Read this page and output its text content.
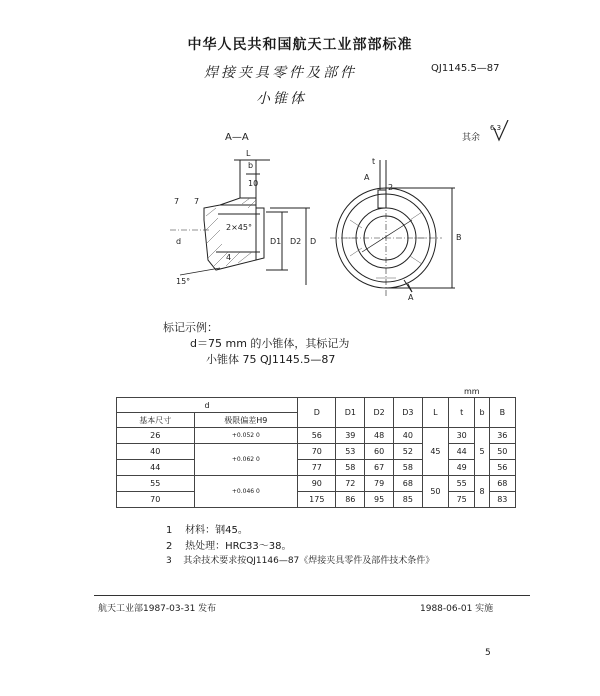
中华人民共和国航天工业部部标准
焊接夹具零件及部件	QJ1145.5—87
小锥体
A—A	其余
6.3
L
b
10
7 7
2×45°
d	D1 D2 D
15°
4
t
2
A
A
B
标记示例：
d＝75 mm 的小锥体，其标记为
小锥体 75 QJ1145.5—87
mm
d		D	D1	D2	D3	L	t	b	B
基本尺寸	极限偏差H9								
26	+0.052 0	56	39	48	40	45	30	5	36
40	+0.062 0	70	53	60	52		44		50
44		77	58	67	58		49		56
55	+0.046 0	90	72	79	68	50	55	8	68
70		175	86	95	85		75		83
1 材料：钢45。
2 热处理：HRC33～38。
3 其余技术要求按QJ1146—87《焊接夹具零件及部件技术条件》
航天工业部1987-03-31 发布	1988-06-01 实施
5
